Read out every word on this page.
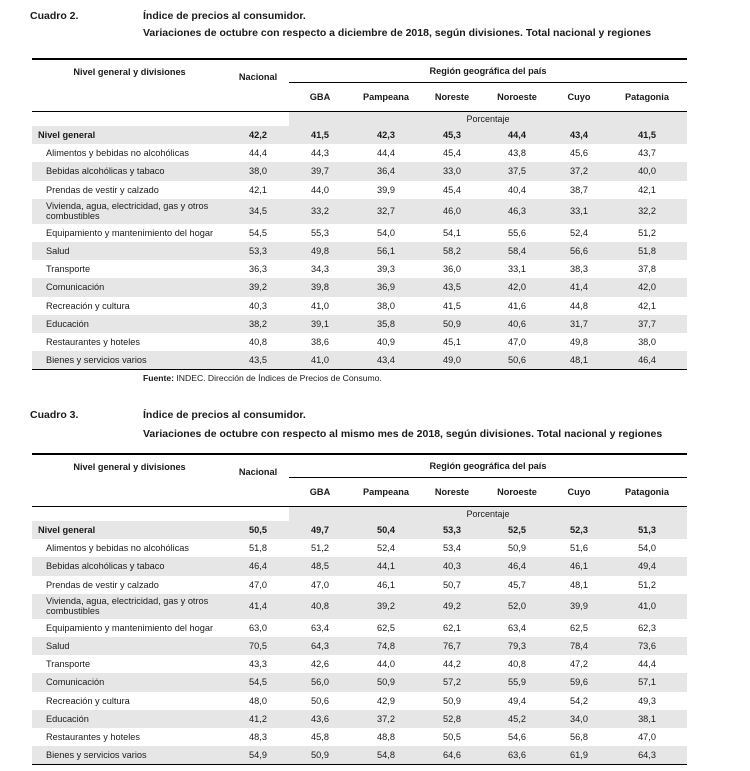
Cuadro 2.	Índice de precios al consumidor.
Variaciones de octubre con respecto a diciembre de 2018, según divisiones. Total nacional y regiones
Nivel general y divisiones	Nacional	Región geográfica del país					
		GBA	Pampeana	Noreste	Noroeste	Cuyo	Patagonia
		Porcentaje					
Nivel general	42,2	41,5	42,3	45,3	44,4	43,4	41,5
Alimentos y bebidas no alcohólicas	44,4	44,3	44,4	45,4	43,8	45,6	43,7
Bebidas alcohólicas y tabaco	38,0	39,7	36,4	33,0	37,5	37,2	40,0
Prendas de vestir y calzado	42,1	44,0	39,9	45,4	40,4	38,7	42,1
Vivienda, agua, electricidad, gas y otros combustibles	34,5	33,2	32,7	46,0	46,3	33,1	32,2
Equipamiento y mantenimiento del hogar	54,5	55,3	54,0	54,1	55,6	52,4	51,2
Salud	53,3	49,8	56,1	58,2	58,4	56,6	51,8
Transporte	36,3	34,3	39,3	36,0	33,1	38,3	37,8
Comunicación	39,2	39,8	36,9	43,5	42,0	41,4	42,0
Recreación y cultura	40,3	41,0	38,0	41,5	41,6	44,8	42,1
Educación	38,2	39,1	35,8	50,9	40,6	31,7	37,7
Restaurantes y hoteles	40,8	38,6	40,9	45,1	47,0	49,8	38,0
Bienes y servicios varios	43,5	41,0	43,4	49,0	50,6	48,1	46,4
Fuente: INDEC. Dirección de Índices de Precios de Consumo.
Cuadro 3.	Índice de precios al consumidor.
Variaciones de octubre con respecto al mismo mes de 2018, según divisiones. Total nacional y regiones
Nivel general y divisiones	Nacional	Región geográfica del país					
		GBA	Pampeana	Noreste	Noroeste	Cuyo	Patagonia
		Porcentaje					
Nivel general	50,5	49,7	50,4	53,3	52,5	52,3	51,3
Alimentos y bebidas no alcohólicas	51,8	51,2	52,4	53,4	50,9	51,6	54,0
Bebidas alcohólicas y tabaco	46,4	48,5	44,1	40,3	46,4	46,1	49,4
Prendas de vestir y calzado	47,0	47,0	46,1	50,7	45,7	48,1	51,2
Vivienda, agua, electricidad, gas y otros combustibles	41,4	40,8	39,2	49,2	52,0	39,9	41,0
Equipamiento y mantenimiento del hogar	63,0	63,4	62,5	62,1	63,4	62,5	62,3
Salud	70,5	64,3	74,8	76,7	79,3	78,4	73,6
Transporte	43,3	42,6	44,0	44,2	40,8	47,2	44,4
Comunicación	54,5	56,0	50,9	57,2	55,9	59,6	57,1
Recreación y cultura	48,0	50,6	42,9	50,9	49,4	54,2	49,3
Educación	41,2	43,6	37,2	52,8	45,2	34,0	38,1
Restaurantes y hoteles	48,3	45,8	48,8	50,5	54,6	56,8	47,0
Bienes y servicios varios	54,9	50,9	54,8	64,6	63,6	61,9	64,3
